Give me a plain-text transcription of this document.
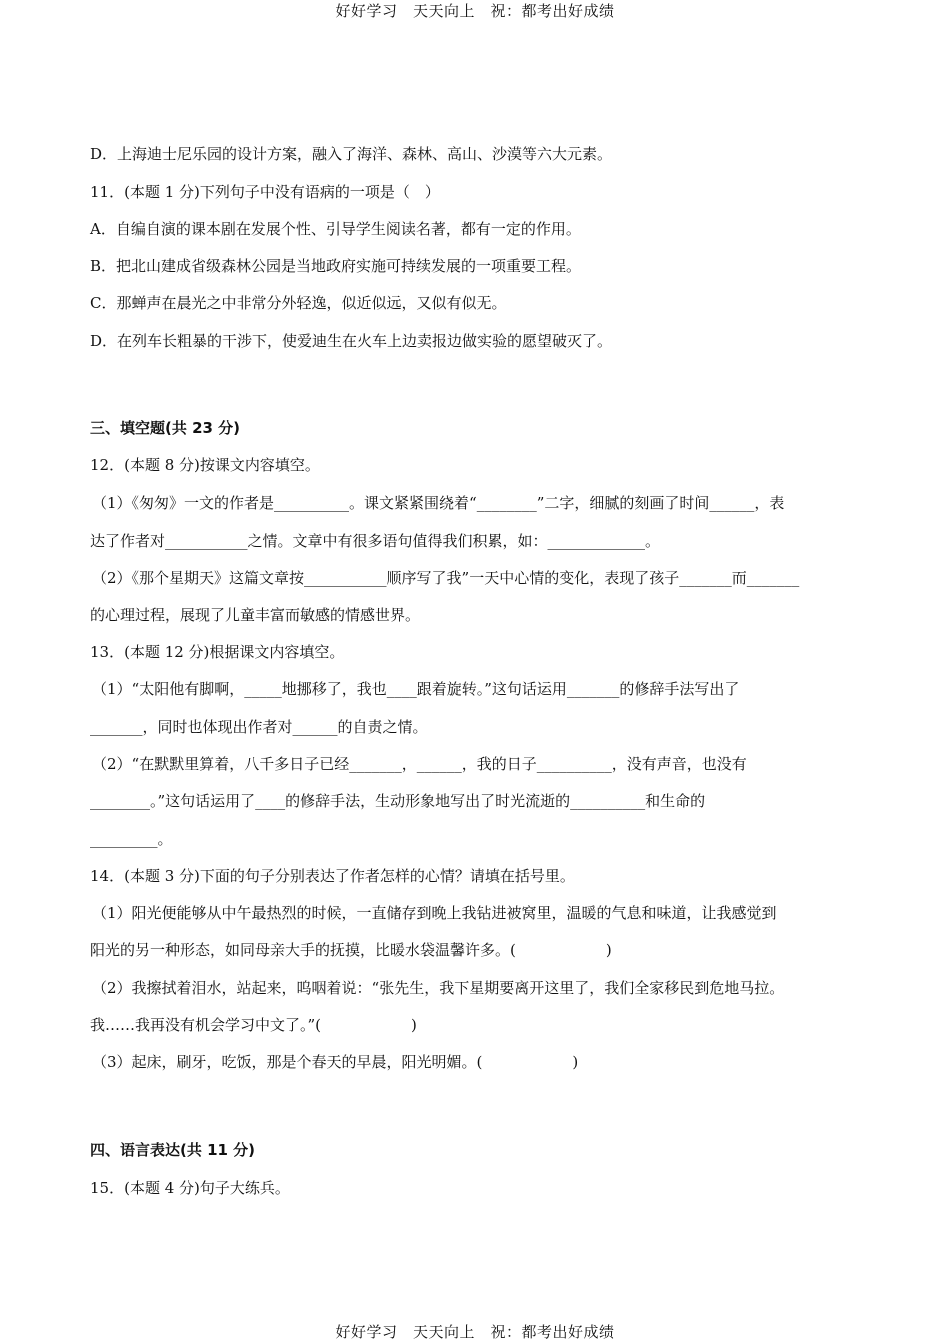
好好学习　天天向上　祝：都考出好成绩
D．上海迪士尼乐园的设计方案，融入了海洋、森林、高山、沙漠等六大元素。
11．(本题 1 分)下列句子中没有语病的一项是（　）
A．自编自演的课本剧在发展个性、引导学生阅读名著，都有一定的作用。
B．把北山建成省级森林公园是当地政府实施可持续发展的一项重要工程。
C．那蝉声在晨光之中非常分外轻逸，似近似远，又似有似无。
D．在列车长粗暴的干涉下，使爱迪生在火车上边卖报边做实验的愿望破灭了。
三、填空题(共 23 分)
12．(本题 8 分)按课文内容填空。
（1）《匆匆》一文的作者是__________。课文紧紧围绕着“________”二字，细腻的刻画了时间______，表
达了作者对___________之情。文章中有很多语句值得我们积累，如：_____________。
（2）《那个星期天》这篇文章按___________顺序写了我”一天中心情的变化，表现了孩子_______而_______
的心理过程，展现了儿童丰富而敏感的情感世界。
13．(本题 12 分)根据课文内容填空。
（1）“太阳他有脚啊，_____地挪移了，我也____跟着旋转。”这句话运用_______的修辞手法写出了
_______，同时也体现出作者对______的自责之情。
（2）“在默默里算着，八千多日子已经_______，______，我的日子__________，没有声音，也没有
________。”这句话运用了____的修辞手法，生动形象地写出了时光流逝的__________和生命的
_________。
14．(本题 3 分)下面的句子分别表达了作者怎样的心情？请填在括号里。
（1）阳光便能够从中午最热烈的时候，一直储存到晚上我钻进被窝里，温暖的气息和味道，让我感觉到
阳光的另一种形态，如同母亲大手的抚摸，比暖水袋温馨许多。(　　　　　　)
（2）我擦拭着泪水，站起来，呜咽着说：“张先生，我下星期要离开这里了，我们全家移民到危地马拉。
我……我再没有机会学习中文了。”(　　　　　　)
（3）起床，刷牙，吃饭，那是个春天的早晨，阳光明媚。(　　　　　　)
四、语言表达(共 11 分)
15．(本题 4 分)句子大练兵。
好好学习　天天向上　祝：都考出好成绩
